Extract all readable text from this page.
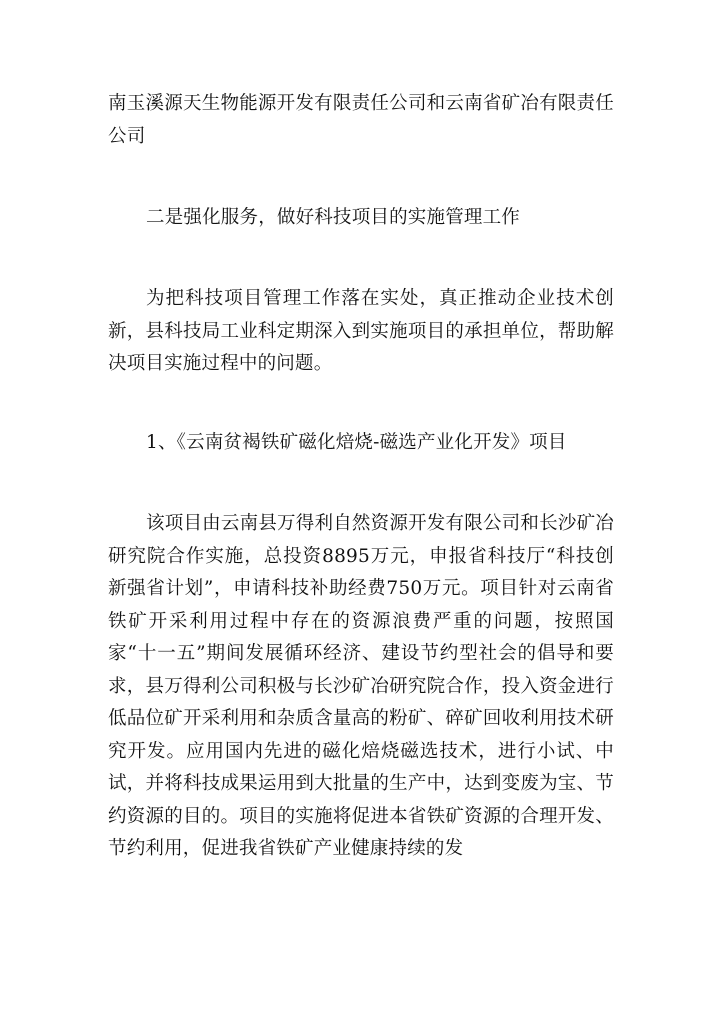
南玉溪源天生物能源开发有限责任公司和云南省矿冶有限责任公司

二是强化服务，做好科技项目的实施管理工作

为把科技项目管理工作落在实处，真正推动企业技术创新，县科技局工业科定期深入到实施项目的承担单位，帮助解决项目实施过程中的问题。

1、《云南贫褐铁矿磁化焙烧-磁选产业化开发》项目

该项目由云南县万得利自然资源开发有限公司和长沙矿冶研究院合作实施，总投资8895万元，申报省科技厅“科技创新强省计划”，申请科技补助经费750万元。项目针对云南省铁矿开采利用过程中存在的资源浪费严重的问题，按照国家“十一五”期间发展循环经济、建设节约型社会的倡导和要求，县万得利公司积极与长沙矿冶研究院合作，投入资金进行低品位矿开采利用和杂质含量高的粉矿、碎矿回收利用技术研究开发。应用国内先进的磁化焙烧磁选技术，进行小试、中试，并将科技成果运用到大批量的生产中，达到变废为宝、节约资源的目的。项目的实施将促进本省铁矿资源的合理开发、节约利用，促进我省铁矿产业健康持续的发
